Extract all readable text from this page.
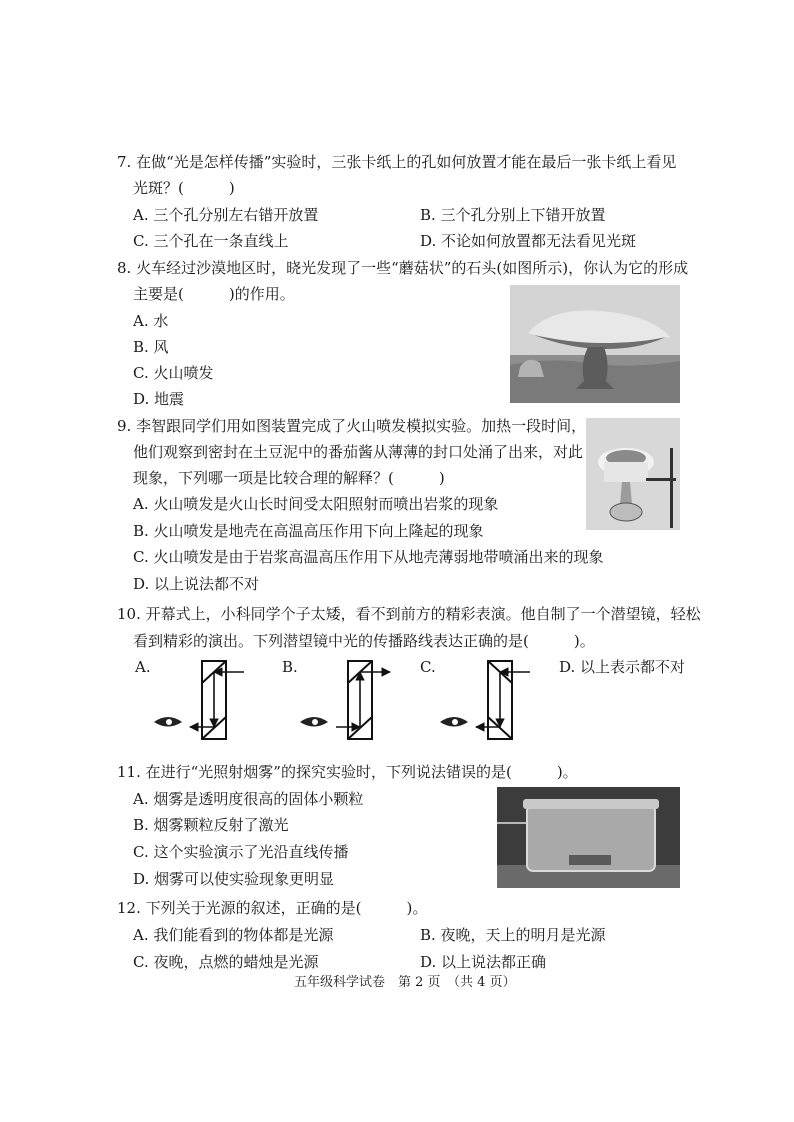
7. 在做“光是怎样传播”实验时，三张卡纸上的孔如何放置才能在最后一张卡纸上看见
光斑？(　　　)
A. 三个孔分别左右错开放置	B. 三个孔分别上下错开放置
C. 三个孔在一条直线上	D. 不论如何放置都无法看见光斑
8. 火车经过沙漠地区时，晓光发现了一些“蘑菇状”的石头(如图所示)，你认为它的形成
主要是(　　　)的作用。
A. 水
B. 风
C. 火山喷发
D. 地震
9. 李智跟同学们用如图装置完成了火山喷发模拟实验。加热一段时间，
他们观察到密封在土豆泥中的番茄酱从薄薄的封口处涌了出来，对此
现象，下列哪一项是比较合理的解释？(　　　)
A. 火山喷发是火山长时间受太阳照射而喷出岩浆的现象
B. 火山喷发是地壳在高温高压作用下向上隆起的现象
C. 火山喷发是由于岩浆高温高压作用下从地壳薄弱地带喷涌出来的现象
D. 以上说法都不对
10. 开幕式上，小科同学个子太矮，看不到前方的精彩表演。他自制了一个潜望镜，轻松
看到精彩的演出。下列潜望镜中光的传播路线表达正确的是(　　　)。
A.	B.	C.	D. 以上表示都不对
11. 在进行“光照射烟雾”的探究实验时，下列说法错误的是(　　　)。
A. 烟雾是透明度很高的固体小颗粒
B. 烟雾颗粒反射了激光
C. 这个实验演示了光沿直线传播
D. 烟雾可以使实验现象更明显
12. 下列关于光源的叙述，正确的是(　　　)。
A. 我们能看到的物体都是光源	B. 夜晚，天上的明月是光源
C. 夜晚，点燃的蜡烛是光源	D. 以上说法都正确
五年级科学试卷　第 2 页　（共 4 页）
